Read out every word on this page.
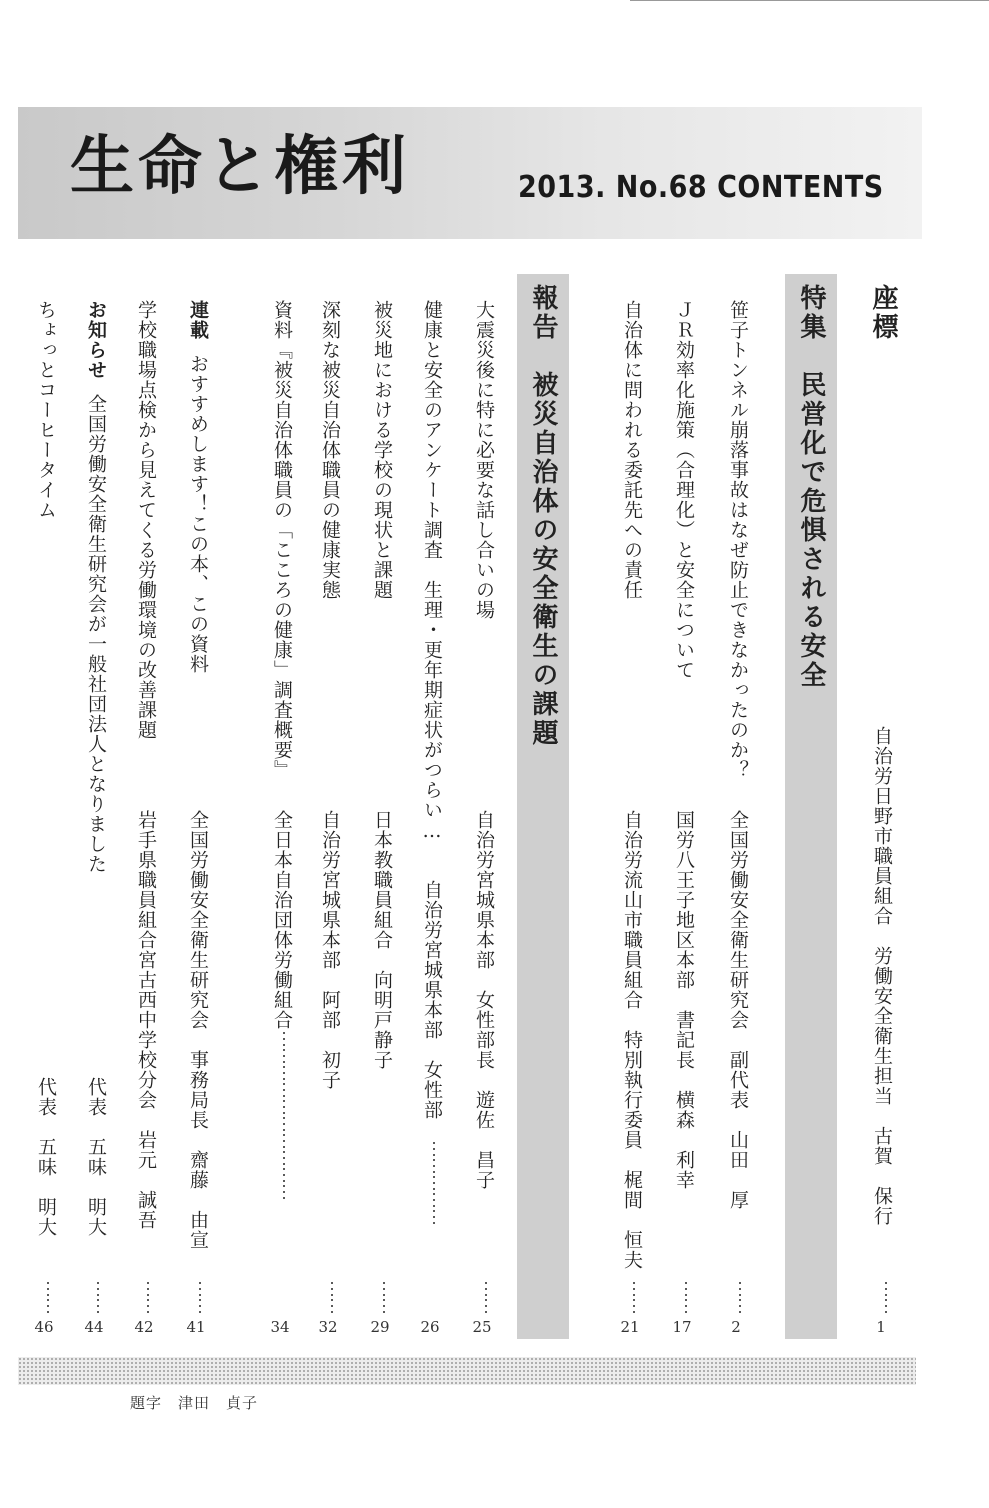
生命と権利	2013. No.68 CONTENTS
座標
自治労日野市職員組合　労働安全衛生担当　古賀　保行
⋯⋯
1
特集　民営化で危惧される安全
笹子トンネル崩落事故はなぜ防止できなかったのか？
全国労働安全衛生研究会　副代表　山田　厚
⋯⋯
2
ＪＲ効率化施策（合理化）と安全について
国労八王子地区本部　書記長　横森　利幸
⋯⋯
17
自治体に問われる委託先への責任
自治労流山市職員組合　特別執行委員　梶間　恒夫
⋯⋯
21
報告　被災自治体の安全衛生の課題
大震災後に特に必要な話し合いの場
自治労宮城県本部　女性部長　遊佐　昌子
⋯⋯
25
健康と安全のアンケート調査　生理・更年期症状がつらい…
自治労宮城県本部　女性部
⋯⋯⋯⋯⋯
26
被災地における学校の現状と課題
日本教職員組合　向明戸静子
⋯⋯
29
深刻な被災自治体職員の健康実態
自治労宮城県本部　阿部　初子
⋯⋯
32
資料『被災自治体職員の「こころの健康」調査概要』
全日本自治団体労働組合
⋯⋯⋯⋯⋯⋯⋯⋯⋯⋯
34
連載おすすめします！この本、この資料
全国労働安全衛生研究会　事務局長　齋藤　由宣
⋯⋯
41
学校職場点検から見えてくる労働環境の改善課題
岩手県職員組合宮古西中学校分会　岩元　誠吾
⋯⋯
42
お知らせ全国労働安全衛生研究会が一般社団法人となりました
代表　五味　明大
⋯⋯
44
ちょっとコーヒータイム
代表　五味　明大
⋯⋯
46
題字　津田　貞子
